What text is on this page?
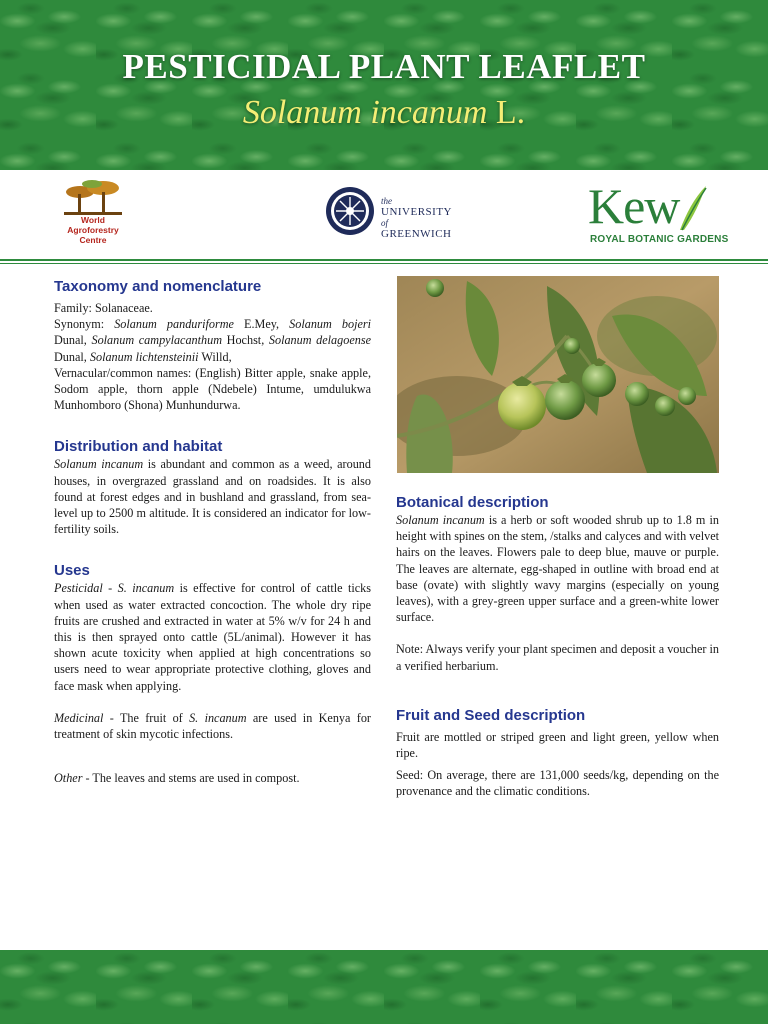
PESTICIDAL PLANT LEAFLET
Solanum incanum L.
World
Agroforestry
Centre
the
UNIVERSITY
of
GREENWICH	Kew
ROYAL BOTANIC GARDENS
Taxonomy and nomenclature

Family: Solanaceae.

Synonym: Solanum panduriforme E.Mey, Solanum bojeri Dunal, Solanum campylacanthum Hochst, Solanum delagoense Dunal, Solanum lichtensteinii Willd,

Vernacular/common names: (English) Bitter apple, snake apple, Sodom apple, thorn apple (Ndebele) Intume, umdulukwa Munhomboro (Shona) Munhundurwa.

Distribution and habitat

Solanum incanum is abundant and common as a weed, around houses, in overgrazed grassland and on roadsides. It is also found at forest edges and in bushland and grassland, from sea-level up to 2500 m altitude. It is considered an indicator for low-fertility soils.

Uses

Pesticidal - S. incanum is effective for control of cattle ticks when used as water extracted concoction. The whole dry ripe fruits are crushed and extracted in water at 5% w/v for 24 h and this is then sprayed onto cattle (5L/animal). However it has shown acute toxicity when applied at high concentrations so users need to wear appropriate protective clothing, gloves and face mask when applying.

Medicinal - The fruit of S. incanum are used in Kenya for treatment of skin mycotic infections.

Other - The leaves and stems are used in compost.

Botanical description

Solanum incanum is a herb or soft wooded shrub up to 1.8 m in height with spines on the stem, /stalks and calyces and with velvet hairs on the leaves. Flowers pale to deep blue, mauve or purple. The leaves are alternate, egg-shaped in outline with broad end at base (ovate) with slightly wavy margins (especially on young leaves), with a grey-green upper surface and a green-white lower surface.

Note: Always verify your plant specimen and deposit a voucher in a verified herbarium.

Fruit and Seed description

Fruit are mottled or striped green and light green, yellow when ripe.

Seed: On average, there are 131,000 seeds/kg, depending on the provenance and the climatic conditions.
